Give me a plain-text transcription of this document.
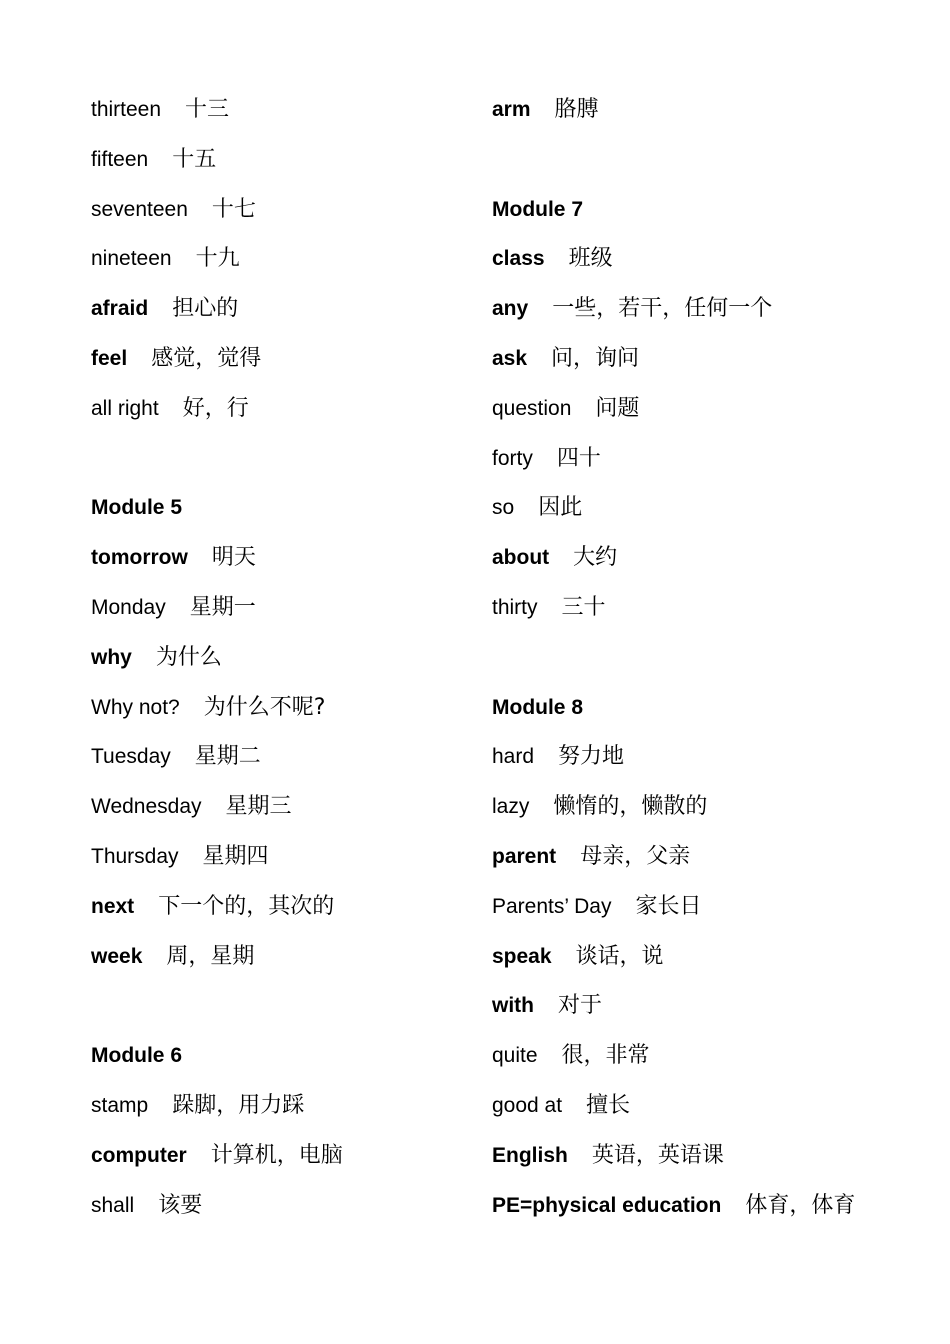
thirteen 十三
fifteen 十五
seventeen 十七
nineteen 十九
afraid 担心的
feel 感觉，觉得
all right 好，行
Module 5
tomorrow 明天
Monday 星期一
why 为什么
Why not? 为什么不呢?
Tuesday 星期二
Wednesday 星期三
Thursday 星期四
next 下一个的，其次的
week 周，星期
Module 6
stamp 跺脚，用力踩
computer 计算机，电脑
shall 该要
arm 胳膊
Module 7
class 班级
any 一些，若干，任何一个
ask 问，询问
question 问题
forty 四十
so 因此
about 大约
thirty 三十
Module 8
hard 努力地
lazy 懒惰的，懒散的
parent 母亲，父亲
Parents’ Day 家长日
speak 谈话，说
with 对于
quite 很，非常
good at 擅长
English 英语，英语课
PE=physical education 体育，体育
